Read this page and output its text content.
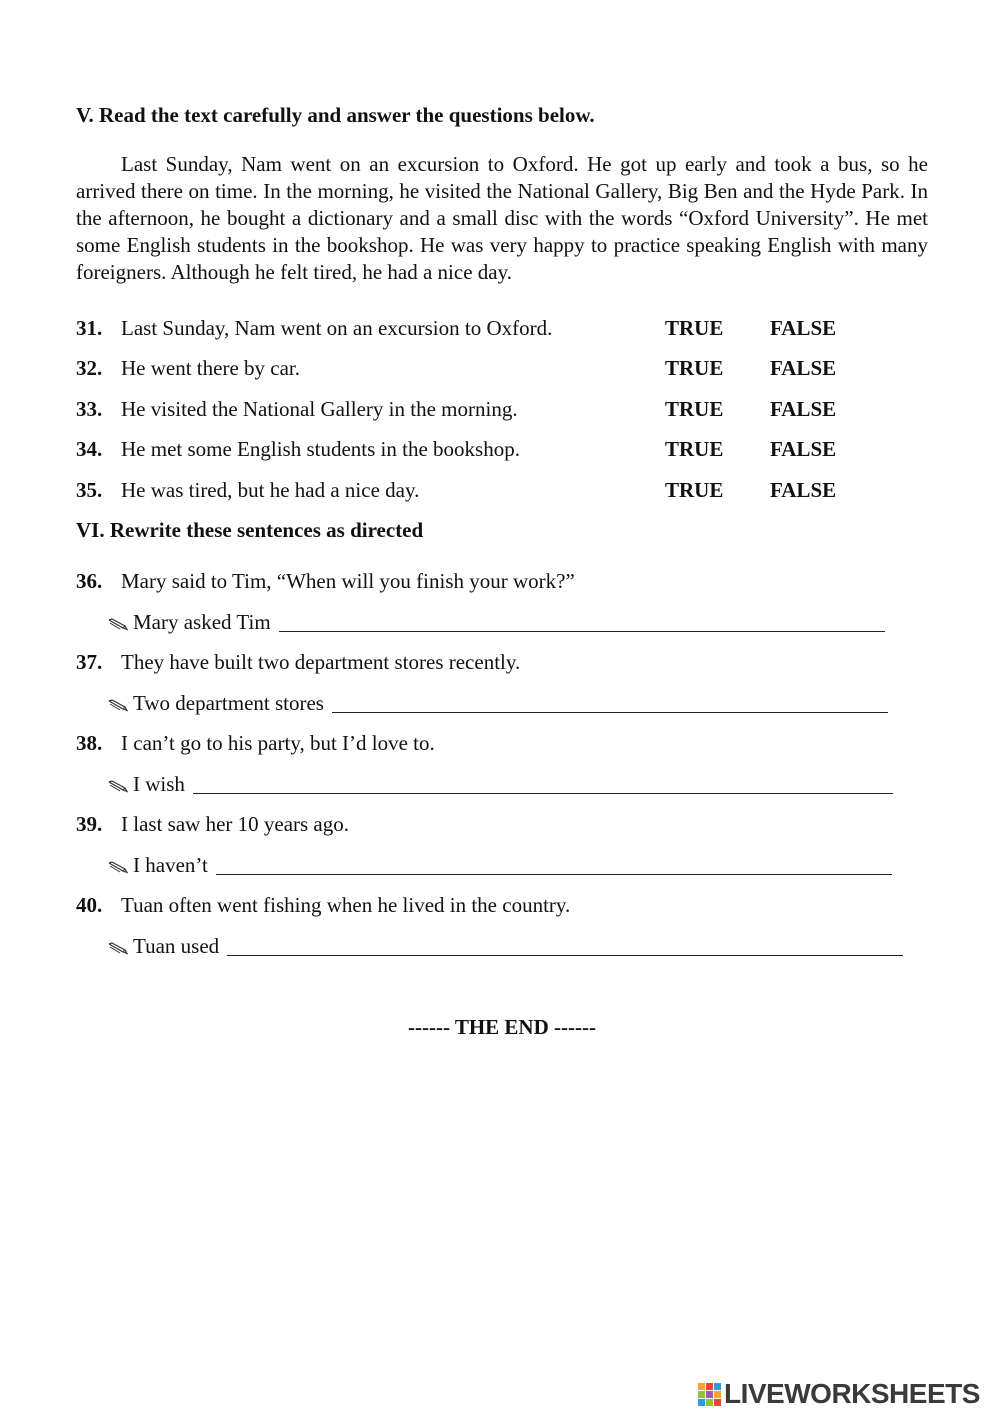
V. Read the text carefully and answer the questions below.

Last Sunday, Nam went on an excursion to Oxford. He got up early and took a bus, so he arrived there on time. In the morning, he visited the National Gallery, Big Ben and the Hyde Park. In the afternoon, he bought a dictionary and a small disc with the words “Oxford University”. He met some English students in the bookshop. He was very happy to practice speaking English with many foreigners. Although he felt tired, he had a nice day.

31. Last Sunday, Nam went on an excursion to Oxford.	TRUE FALSE
32. He went there by car.	TRUE FALSE
33. He visited the National Gallery in the morning.	TRUE FALSE
34. He met some English students in the bookshop.	TRUE FALSE
35. He was tired, but he had a nice day.	TRUE FALSE
VI. Rewrite these sentences as directed
36. Mary said to Tim, “When will you finish your work?”
Mary asked Tim
37. They have built two department stores recently.
Two department stores
38. I can’t go to his party, but I’d love to.
I wish
39. I last saw her 10 years ago.
I haven’t
40. Tuan often went fishing when he lived in the country.
Tuan used
------ THE END ------
LIVEWORKSHEETS
